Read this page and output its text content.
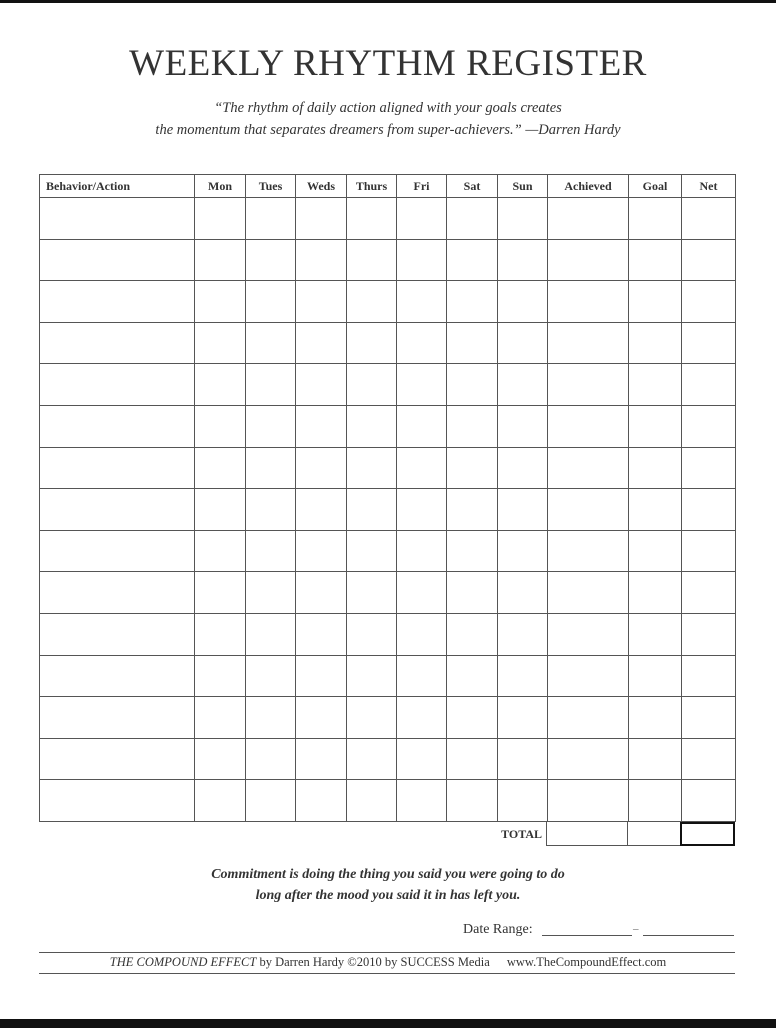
WEEKLY RHYTHM REGISTER
“The rhythm of daily action aligned with your goals creates
the momentum that separates dreamers from super-achievers.” —Darren Hardy
Behavior/Action	Mon	Tues	Weds	Thurs	Fri	Sat	Sun	Achieved	Goal	Net

TOTAL
Commitment is doing the thing you said you were going to do
long after the mood you said it in has left you.
Date Range:	–
THE COMPOUND EFFECT by Darren Hardy ©2010 by SUCCESS Media www.TheCompoundEffect.com
